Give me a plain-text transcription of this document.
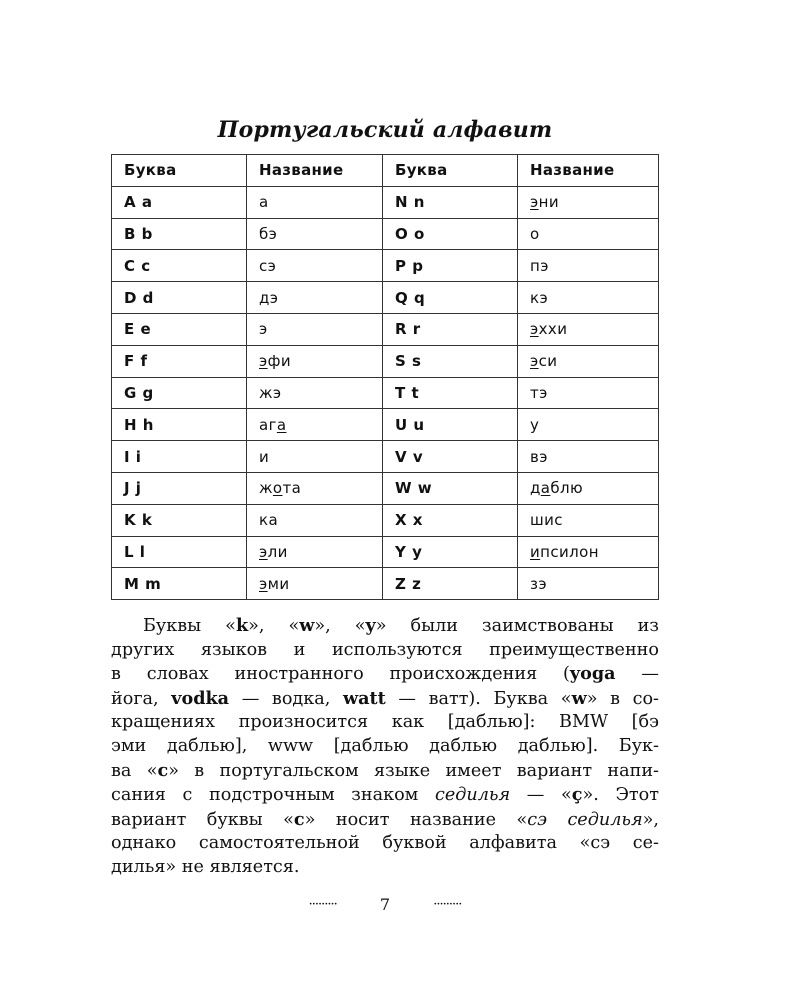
Португальский алфавит
Буква	Название	Буква	Название
A a	а	N n	эни
B b	бэ	O o	о
C c	сэ	P p	пэ
D d	дэ	Q q	кэ
E e	э	R r	эххи
F f	эфи	S s	эси
G g	жэ	T t	тэ
H h	ага	U u	у
I i	и	V v	вэ
J j	жота	W w	даблю
K k	ка	X x	шис
L l	эли	Y y	ипсилон
M m	эми	Z z	зэ
Буквы «k», «w», «y» были заимствованы из
других языков и используются преимущественно
в словах иностранного происхождения (yoga —
йога, vodka — водка, watt — ватт). Буква «w» в со-
кращениях произносится как [даблью]: BMW [бэ
эми даблью], www [даблью даблью даблью]. Бук-
ва «c» в португальском языке имеет вариант напи-
сания с подстрочным знаком седилья — «ç». Этот
вариант буквы «c» носит название «сэ седилья»,
однако самостоятельной буквой алфавита «сэ се-
дилья» не является.
·········	7	·········
